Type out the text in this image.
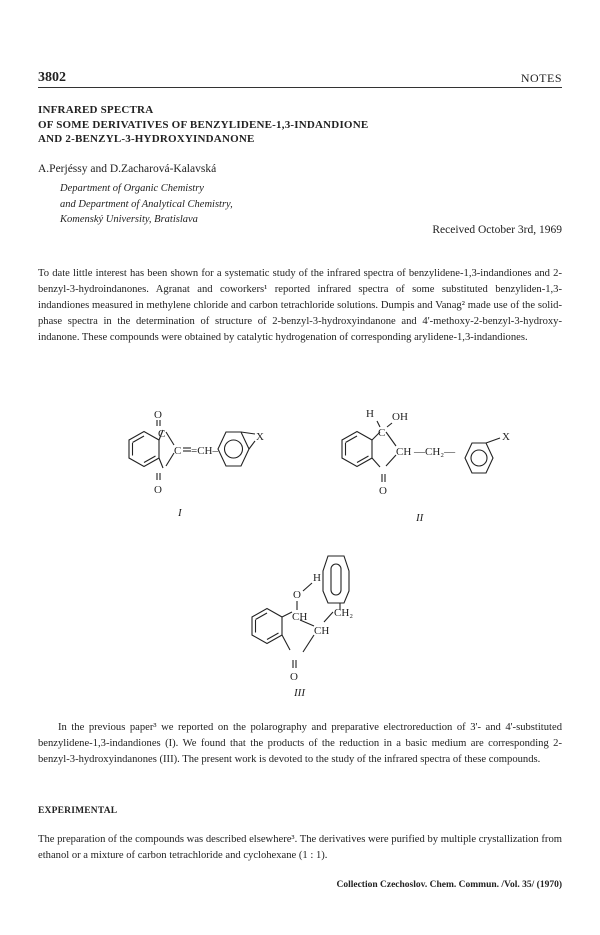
3802	NOTES
INFRARED SPECTRA
OF SOME DERIVATIVES OF BENZYLIDENE-1,3-INDANDIONE
AND 2-BENZYL-3-HYDROXYINDANONE
A.Perjéssy and D.Zacharová-Kalavská
Department of Organic Chemistry
and Department of Analytical Chemistry,
Komenský University, Bratislava
Received October 3rd, 1969

To date little interest has been shown for a systematic study of the infrared spectra of benzylidene-1,3-indandiones and 2-benzyl-3-hydroindanones. Agranat and coworkers¹ reported infrared spectra of some substituted benzyliden-1,3-indandiones measured in methylene chloride and carbon tetrachloride solutions. Dumpis and Vanag² made use of the solid-phase spectra in the determination of structure of 2-benzyl-3-hydroxyindanone and 4'-methoxy-2-benzyl-3-hydroxy-indanone. These compounds were obtained by catalytic hydrogenation of corresponding arylidene-1,3-indandiones.

O
O
C
C =CH–
X
H OH
C
CH —CH₂—
O
X
H
O
CH CH₂
CH
O
I	II
III

In the previous paper³ we reported on the polarography and preparative electroreduction of 3'- and 4'-substituted benzylidene-1,3-indandiones (I). We found that the products of the reduction in a basic medium are corresponding 2-benzyl-3-hydroxyindanones (III). The present work is devoted to the study of the infrared spectra of these compounds.

EXPERIMENTAL

The preparation of the compounds was described elsewhere³. The derivatives were purified by multiple crystallization from ethanol or a mixture of carbon tetrachloride and cyclohexane (1 : 1).

Collection Czechoslov. Chem. Commun. /Vol. 35/ (1970)
